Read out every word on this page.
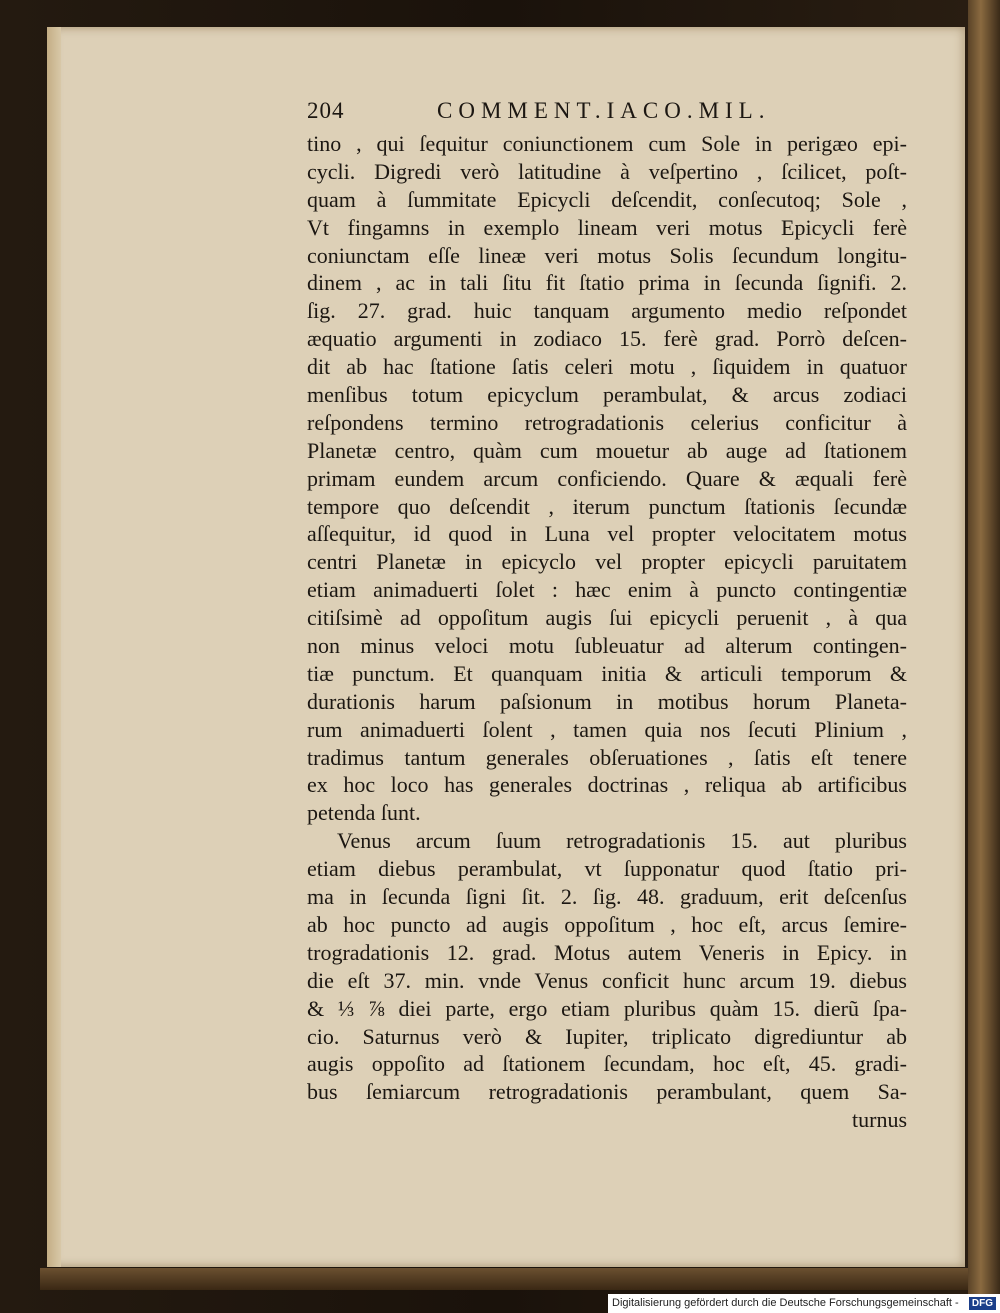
204	COMMENT.IACO.MIL.
tino , qui ſequitur coniunctionem cum Sole in perigæo epi-
cycli. Digredi verò latitudine à veſpertino , ſcilicet, poſt-
quam à ſummitate Epicycli deſcendit, conſecutoq; Sole ,
Vt fingamns in exemplo lineam veri motus Epicycli ferè
coniunctam eſſe lineæ veri motus Solis ſecundum longitu-
dinem , ac in tali ſitu fit ſtatio prima in ſecunda ſignifi. 2.
ſig. 27. grad. huic tanquam argumento medio reſpondet
æquatio argumenti in zodiaco 15. ferè grad. Porrò deſcen-
dit ab hac ſtatione ſatis celeri motu , ſiquidem in quatuor
menſibus totum epicyclum perambulat, & arcus zodiaci
reſpondens termino retrogradationis celerius conficitur à
Planetæ centro, quàm cum mouetur ab auge ad ſtationem
primam eundem arcum conficiendo. Quare & æquali ferè
tempore quo deſcendit , iterum punctum ſtationis ſecundæ
aſſequitur, id quod in Luna vel propter velocitatem motus
centri Planetæ in epicyclo vel propter epicycli paruitatem
etiam animaduerti ſolet : hæc enim à puncto contingentiæ
citiſsimè ad oppoſitum augis ſui epicycli peruenit , à qua
non minus veloci motu ſubleuatur ad alterum contingen-
tiæ punctum. Et quanquam initia & articuli temporum &
durationis harum paſsionum in motibus horum Planeta-
rum animaduerti ſolent , tamen quia nos ſecuti Plinium ,
tradimus tantum generales obſeruationes , ſatis eſt tenere
ex hoc loco has generales doctrinas , reliqua ab artificibus
petenda ſunt.
Venus arcum ſuum retrogradationis 15. aut pluribus
etiam diebus perambulat, vt ſupponatur quod ſtatio pri-
ma in ſecunda ſigni ſit. 2. ſig. 48. graduum, erit deſcenſus
ab hoc puncto ad augis oppoſitum , hoc eſt, arcus ſemire-
trogradationis 12. grad. Motus autem Veneris in Epicy. in
die eſt 37. min. vnde Venus conficit hunc arcum 19. diebus
& ⅓ ⅞ diei parte, ergo etiam pluribus quàm 15. dierũ ſpa-
cio. Saturnus verò & Iupiter, triplicato digrediuntur ab
augis oppoſito ad ſtationem ſecundam, hoc eſt, 45. gradi-
bus ſemiarcum retrogradationis perambulant, quem Sa-
turnus
Digitalisierung gefördert durch die Deutsche Forschungsgemeinschaft -	DFG
